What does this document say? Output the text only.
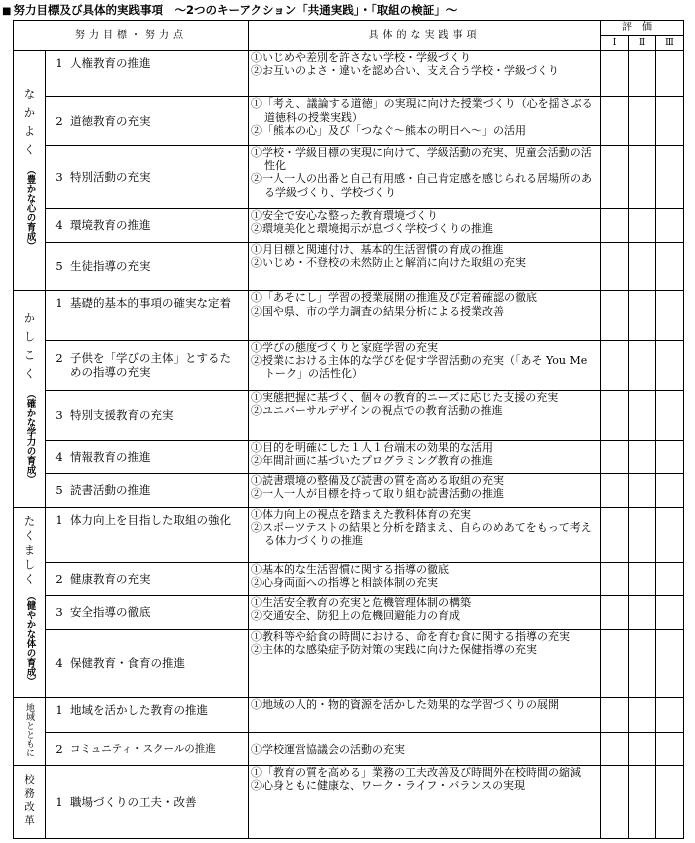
■ 努力目標及び具体的実践事項　～2つのキーアクション「共通実践」・「取組の検証」～
努力目標・努力点		具体的な実践事項	評価		
			Ⅰ	Ⅱ	Ⅲ
なかよく（豊かな心の育成）	1 人権教育の推進	①いじめや差別を許さない学校・学級づくり
②お互いのよさ・違いを認め合い、支え合う学校・学級づくり			

	2 道徳教育の充実	①「考え、議論する道徳」の実現に向けた授業づくり（心を揺さぶる道徳科の授業実践）
②「熊本の心」及び「つなぐ～熊本の明日へ～」の活用			

	3 特別活動の充実	①学校・学級目標の実現に向けて、学級活動の充実、児童会活動の活性化
②一人一人の出番と自己有用感・自己肯定感を感じられる居場所のある学級づくり、学校づくり			

	4 環境教育の推進	①安全で安心な整った教育環境づくり
②環境美化と環境掲示が息づく学校づくりの推進			

	5 生徒指導の充実	①月目標と関連付け、基本的生活習慣の育成の推進
②いじめ・不登校の未然防止と解消に向けた取組の充実			

かしこく（確かな学力の育成）	1 基礎的基本的事項の確実な定着	①「あそにし」学習の授業展開の推進及び定着確認の徹底
②国や県、市の学力調査の結果分析による授業改善			

	2 子供を「学びの主体」とするための指導の充実	①学びの態度づくりと家庭学習の充実
②授業における主体的な学びを促す学習活動の充実（「あそ You Me トーク」の活性化）			

	3 特別支援教育の充実	①実態把握に基づく、個々の教育的ニーズに応じた支援の充実
②ユニバーサルデザインの視点での教育活動の推進			

	4 情報教育の推進	①目的を明確にした１人１台端末の効果的な活用
②年間計画に基づいたプログラミング教育の推進			

	5 読書活動の推進	①読書環境の整備及び読書の質を高める取組の充実
②一人一人が目標を持って取り組む読書活動の推進			

たくましく（健やかな体の育成）	1 体力向上を目指した取組の強化	①体力向上の視点を踏まえた教科体育の充実
②スポーツテストの結果と分析を踏まえ、自らのめあてをもって考える体力づくりの推進			

	2 健康教育の充実	①基本的な生活習慣に関する指導の徹底
②心身両面への指導と相談体制の充実			

	3 安全指導の徹底	①生活安全教育の充実と危機管理体制の構築
②交通安全、防犯上の危機回避能力の育成			

	4 保健教育・食育の推進	①教科等や給食の時間における、命を育む食に関する指導の充実
②主体的な感染症予防対策の実践に向けた保健指導の充実			

地域とともに	1 地域を活かした教育の推進	①地域の人的・物的資源を活かした効果的な学習づくりの展開			

	2 コミュニティ・スクールの推進	①学校運営協議会の活動の充実			

校務改革	1 職場づくりの工夫・改善	①「教育の質を高める」業務の工夫改善及び時間外在校時間の縮減
②心身ともに健康な、ワーク・ライフ・バランスの実現			
